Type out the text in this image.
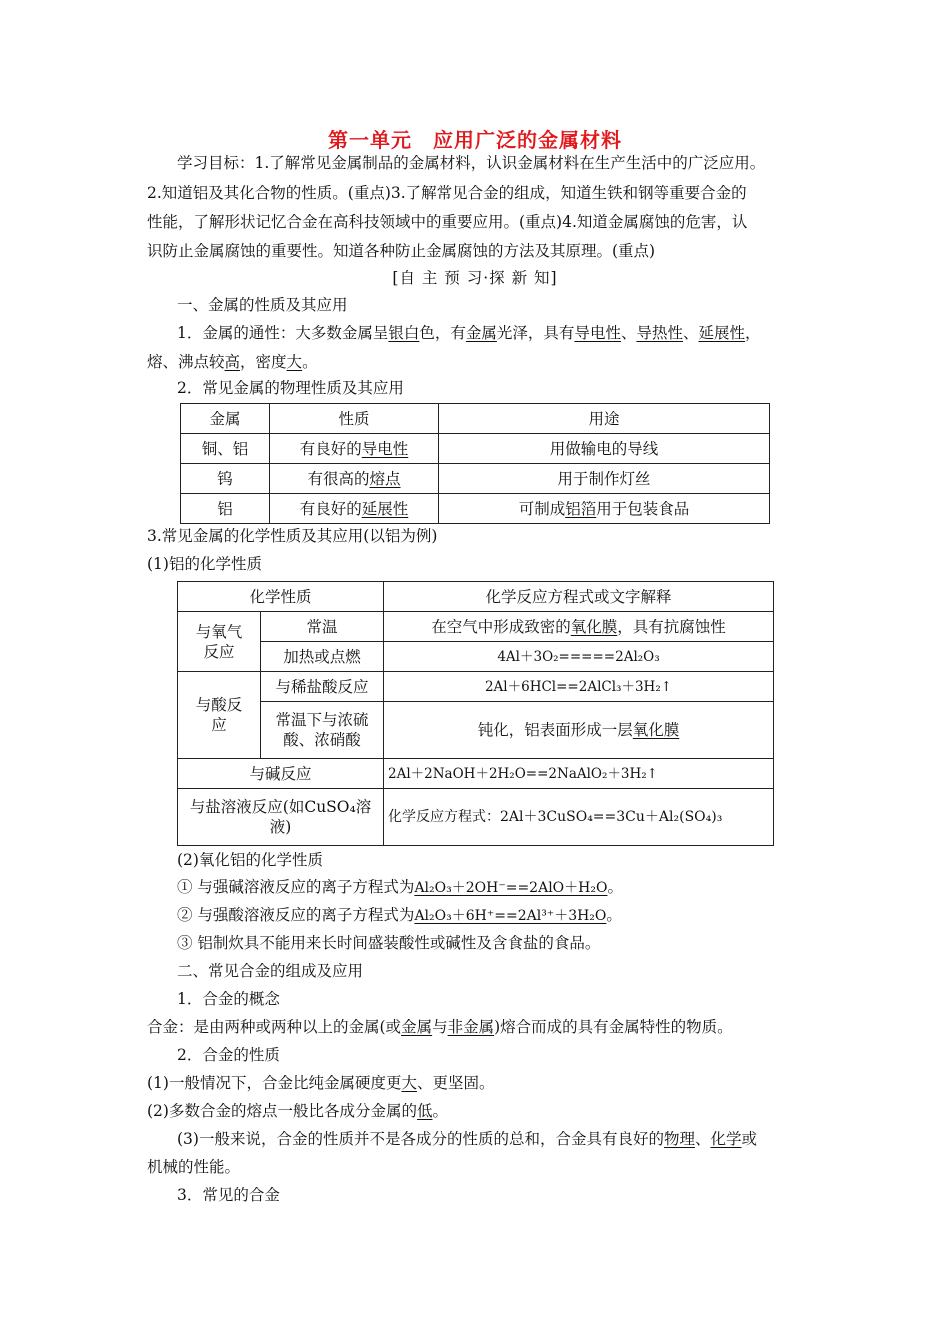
第一单元　应用广泛的金属材料
学习目标：1.了解常见金属制品的金属材料，认识金属材料在生产生活中的广泛应用。
2.知道铝及其化合物的性质。(重点)3.了解常见合金的组成，知道生铁和钢等重要合金的
性能，了解形状记忆合金在高科技领域中的重要应用。(重点)4.知道金属腐蚀的危害，认
识防止金属腐蚀的重要性。知道各种防止金属腐蚀的方法及其原理。(重点)
[自 主 预 习·探 新 知]
一、金属的性质及其应用
1．金属的通性：大多数金属呈银白色，有金属光泽，具有导电性、导热性、延展性，
熔、沸点较高，密度大。
2．常见金属的物理性质及其应用
金属	性质	用途
铜、铝	有良好的导电性	用做输电的导线
钨	有很高的熔点	用于制作灯丝
铝	有良好的延展性	可制成铝箔用于包装食品
3.常见金属的化学性质及其应用(以铝为例)
(1)铝的化学性质
化学性质		化学反应方程式或文字解释

与氧气
反应	常温	在空气中形成致密的氧化膜，具有抗腐蚀性
	加热或点燃	4Al＋3O₂=====2Al₂O₃

与酸反
应	与稀盐酸反应	2Al＋6HCl==2AlCl₃＋3H₂↑

	常温下与浓硫
酸、浓硝酸	钝化，铝表面形成一层氧化膜
与碱反应		2Al＋2NaOH＋2H₂O==2NaAlO₂＋3H₂↑

与盐溶液反应(如CuSO₄溶
液)		化学反应方程式：2Al＋3CuSO₄==3Cu＋Al₂(SO₄)₃
(2)氧化铝的化学性质
① 与强碱溶液反应的离子方程式为Al₂O₃＋2OH⁻==2AlO＋H₂O。
② 与强酸溶液反应的离子方程式为Al₂O₃＋6H⁺==2Al³⁺＋3H₂O。
③ 铝制炊具不能用来长时间盛装酸性或碱性及含食盐的食品。
二、常见合金的组成及应用
1．合金的概念
合金：是由两种或两种以上的金属(或金属与非金属)熔合而成的具有金属特性的物质。
2．合金的性质
(1)一般情况下，合金比纯金属硬度更大、更坚固。
(2)多数合金的熔点一般比各成分金属的低。
(3)一般来说，合金的性质并不是各成分的性质的总和，合金具有良好的物理、化学或
机械的性能。
3．常见的合金
